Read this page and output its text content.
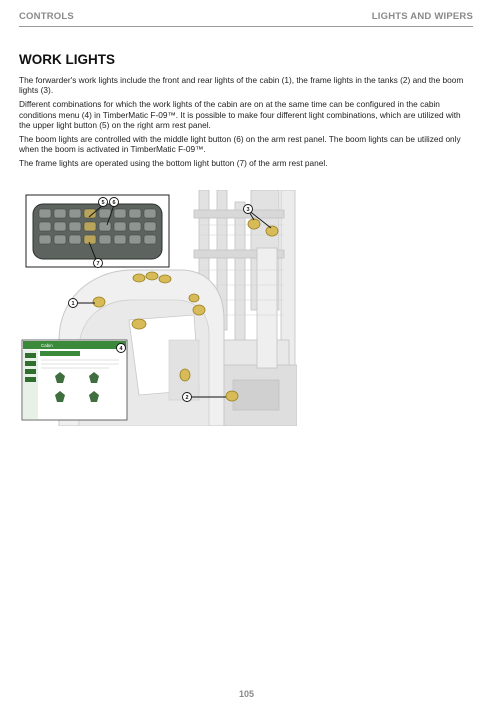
CONTROLS	LIGHTS AND WIPERS
WORK LIGHTS

The forwarder's work lights include the front and rear lights of the cabin (1), the frame lights in the tanks (2) and the boom lights (3).

Different combinations for which the work lights of the cabin are on at the same time can be configured in the cabin conditions menu (4) in TimberMatic F-09™. It is possible to make four different light combinations, which are utilized with the upper light button (5) on the right arm rest panel.

The boom lights are controlled with the middle light button (6) on the arm rest panel. The boom lights can be utilized only when the boom is activated in TimberMatic F-09™.

The frame lights are operated using the bottom light button (7) of the arm rest panel.

Cabin
1
2
3
4
5 6
7
105
